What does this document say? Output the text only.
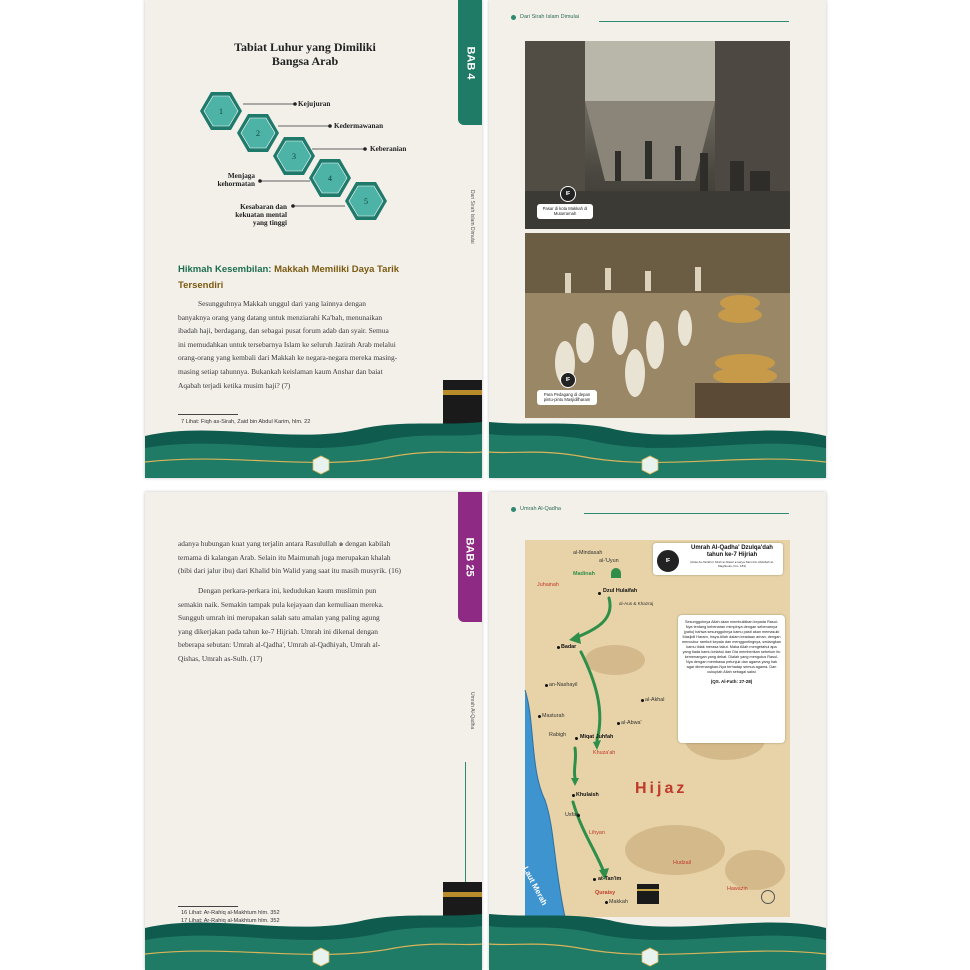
BAB 4
Dari Sirah Islam Dimulai
Tabiat Luhur yang Dimiliki
Bangsa Arab
1
2
3
4
5
Kejujuran
Kedermawanan
Keberanian
Menjaga
kehormatan
Kesabaran dan
kekuatan mental
yang tinggi
Hikmah Kesembilan: Makkah Memiliki Daya Tarik
Tersendiri
Sesungguhnya Makkah unggul dari yang lainnya dengan
banyaknya orang yang datang untuk menziarahi Ka'bah, menunaikan
ibadah haji, berdagang, dan sebagai pusat forum adab dan syair. Semua
ini memudahkan untuk tersebarnya Islam ke seluruh Jazirah Arab melalui
orang-orang yang kembali dari Makkah ke negara-negara mereka masing-
masing setiap tahunnya. Bukankah keislaman kaum Anshar dan baiat
Aqabah terjadi ketika musim haji? (7)
7 Lihat: Fiqh as-Sirah, Zaid bin Abdul Karim, hlm. 22
225
Dari Sirah Islam Dimulai
IF
Pasar di kota Makkah di Mutarramah
IF
Para Pedagang di depan pintu-pintu Masjidilharam
226
BAB 25
Umrah Al-Qadha
adanya hubungan kuat yang terjalin antara Rasulullah ๑ dengan kabilah
ternama di kalangan Arab. Selain itu Maimunah juga merupakan khalah
(bibi dari jalur ibu) dari Khalid bin Walid yang saat itu masih musyrik. (16)
Dengan perkara-perkara ini, kedudukan kaum muslimin pun
semakin naik. Semakin tampak pula kejayaan dan kemuliaan mereka.
Sungguh umrah ini merupakan salah satu amalan yang paling agung
yang dikerjakan pada tahun ke-7 Hijriah. Umrah ini dikenal dengan
beberapa sebutan: Umrah al-Qadha', Umrah al-Qadhiyah, Umrah al-
Qishas, Umrah as-Sulh. (17)
16 Lihat: Ar-Rahiq al-Makhtum hlm. 352
17 Lihat: Ar-Rahiq al-Makhtum hlm. 352
37
Umrah Al-Qadha
IF
Umrah Al-Qadha' Dzulqa'dah
tahun ke-7 Hijriah
(Atlas As-Tarikhi li Sirah ar-Rasul ๑ karya Sami bin Abdullah al-Maghlouts, hlm. 183)
Sesungguhnya Allah akan membuktikan kepada Rasul-Nya tentang kebenaran mimpinya dengan sebenarnya (yaitu) bahwa sesungguhnya kamu pasti akan memasuki Masjidil Haram, Insya Allah dalam keadaan aman, dengan mencukur rambut kepala dan mengguntingnya, sedangkan kamu tidak merasa takut. Maka Allah mengetahui apa yang tiada kamu ketahui dan Dia memberikan sebelum itu kemenangan yang dekat. Dialah yang mengutus Rasul-Nya dengan membawa petunjuk dan agama yang hak agar dimenangkan-Nya terhadap semua agama. Dan cukuplah Allah sebagai saksi
(QS. Al-Fath: 27-28)
al-Mindasah
al-'Uyun
Madinah
Juhainah
Dzul Hulaifah
al-Aus & Khazraj
Badar
an-Nashayil
al-Akhal
Masturah
al-Abwa'
Rabigh	Miqat Juhfah
Khuza'ah
Khulaish Hijaz
Usfan
Lihyan
Laut Merah
Hudzail
at-Tan'im
Quraisy
Makkah
Hawazin
38
